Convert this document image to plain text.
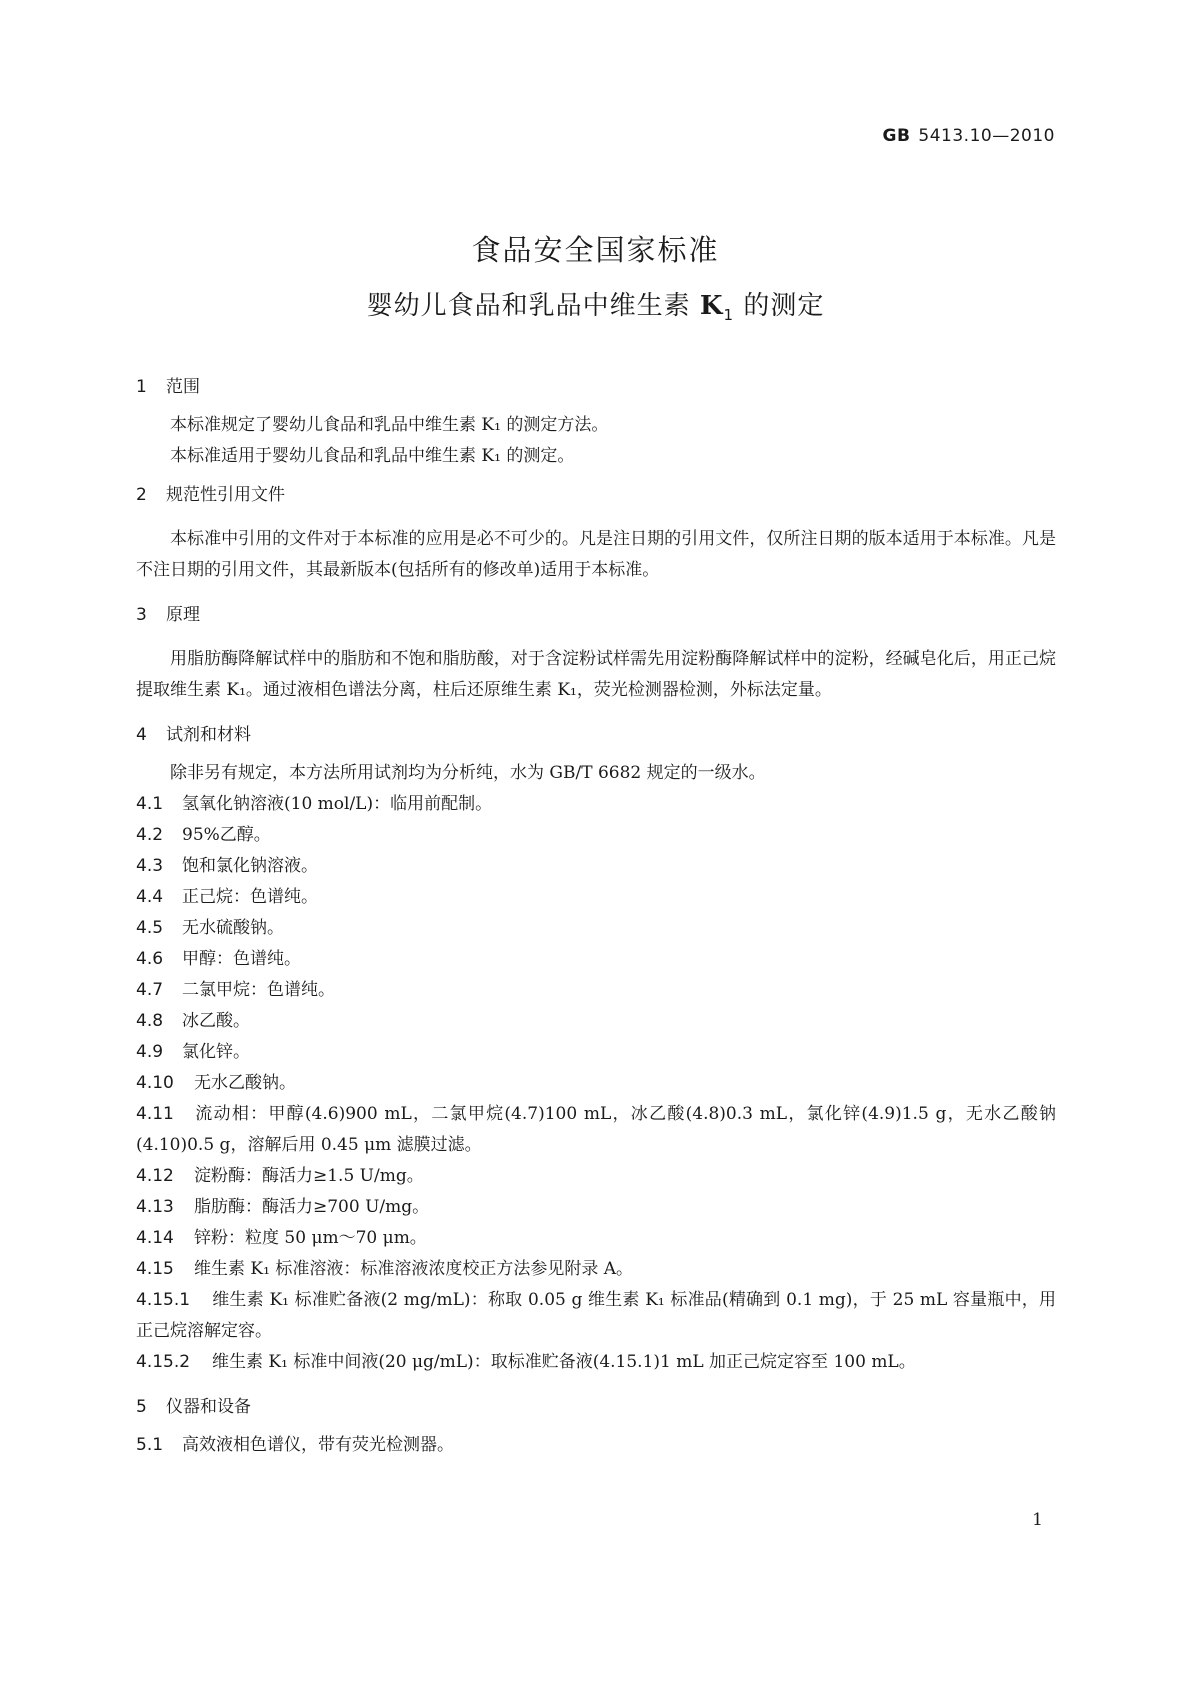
GB 5413.10—2010
食品安全国家标准
婴幼儿食品和乳品中维生素 $K_1$ 的测定
1 范围

本标准规定了婴幼儿食品和乳品中维生素 K₁ 的测定方法。

本标准适用于婴幼儿食品和乳品中维生素 K₁ 的测定。

2 规范性引用文件

本标准中引用的文件对于本标准的应用是必不可少的。凡是注日期的引用文件，仅所注日期的版本适用于本标准。凡是不注日期的引用文件，其最新版本(包括所有的修改单)适用于本标准。

3 原理

用脂肪酶降解试样中的脂肪和不饱和脂肪酸，对于含淀粉试样需先用淀粉酶降解试样中的淀粉，经碱皂化后，用正己烷提取维生素 K₁。通过液相色谱法分离，柱后还原维生素 K₁，荧光检测器检测，外标法定量。

4 试剂和材料

除非另有规定，本方法所用试剂均为分析纯，水为 GB/T 6682 规定的一级水。

4.1 氢氧化钠溶液(10 mol/L)：临用前配制。

4.2 95%乙醇。

4.3 饱和氯化钠溶液。

4.4 正己烷：色谱纯。

4.5 无水硫酸钠。

4.6 甲醇：色谱纯。

4.7 二氯甲烷：色谱纯。

4.8 冰乙酸。

4.9 氯化锌。

4.10 无水乙酸钠。

4.11 流动相：甲醇(4.6)900 mL，二氯甲烷(4.7)100 mL，冰乙酸(4.8)0.3 mL，氯化锌(4.9)1.5 g，无水乙酸钠(4.10)0.5 g，溶解后用 0.45 μm 滤膜过滤。

4.12 淀粉酶：酶活力≥1.5 U/mg。

4.13 脂肪酶：酶活力≥700 U/mg。

4.14 锌粉：粒度 50 μm～70 μm。

4.15 维生素 K₁ 标准溶液：标准溶液浓度校正方法参见附录 A。

4.15.1 维生素 K₁ 标准贮备液(2 mg/mL)：称取 0.05 g 维生素 K₁ 标准品(精确到 0.1 mg)，于 25 mL 容量瓶中，用正己烷溶解定容。

4.15.2 维生素 K₁ 标准中间液(20 μg/mL)：取标准贮备液(4.15.1)1 mL 加正己烷定容至 100 mL。

5 仪器和设备

5.1 高效液相色谱仪，带有荧光检测器。

1
